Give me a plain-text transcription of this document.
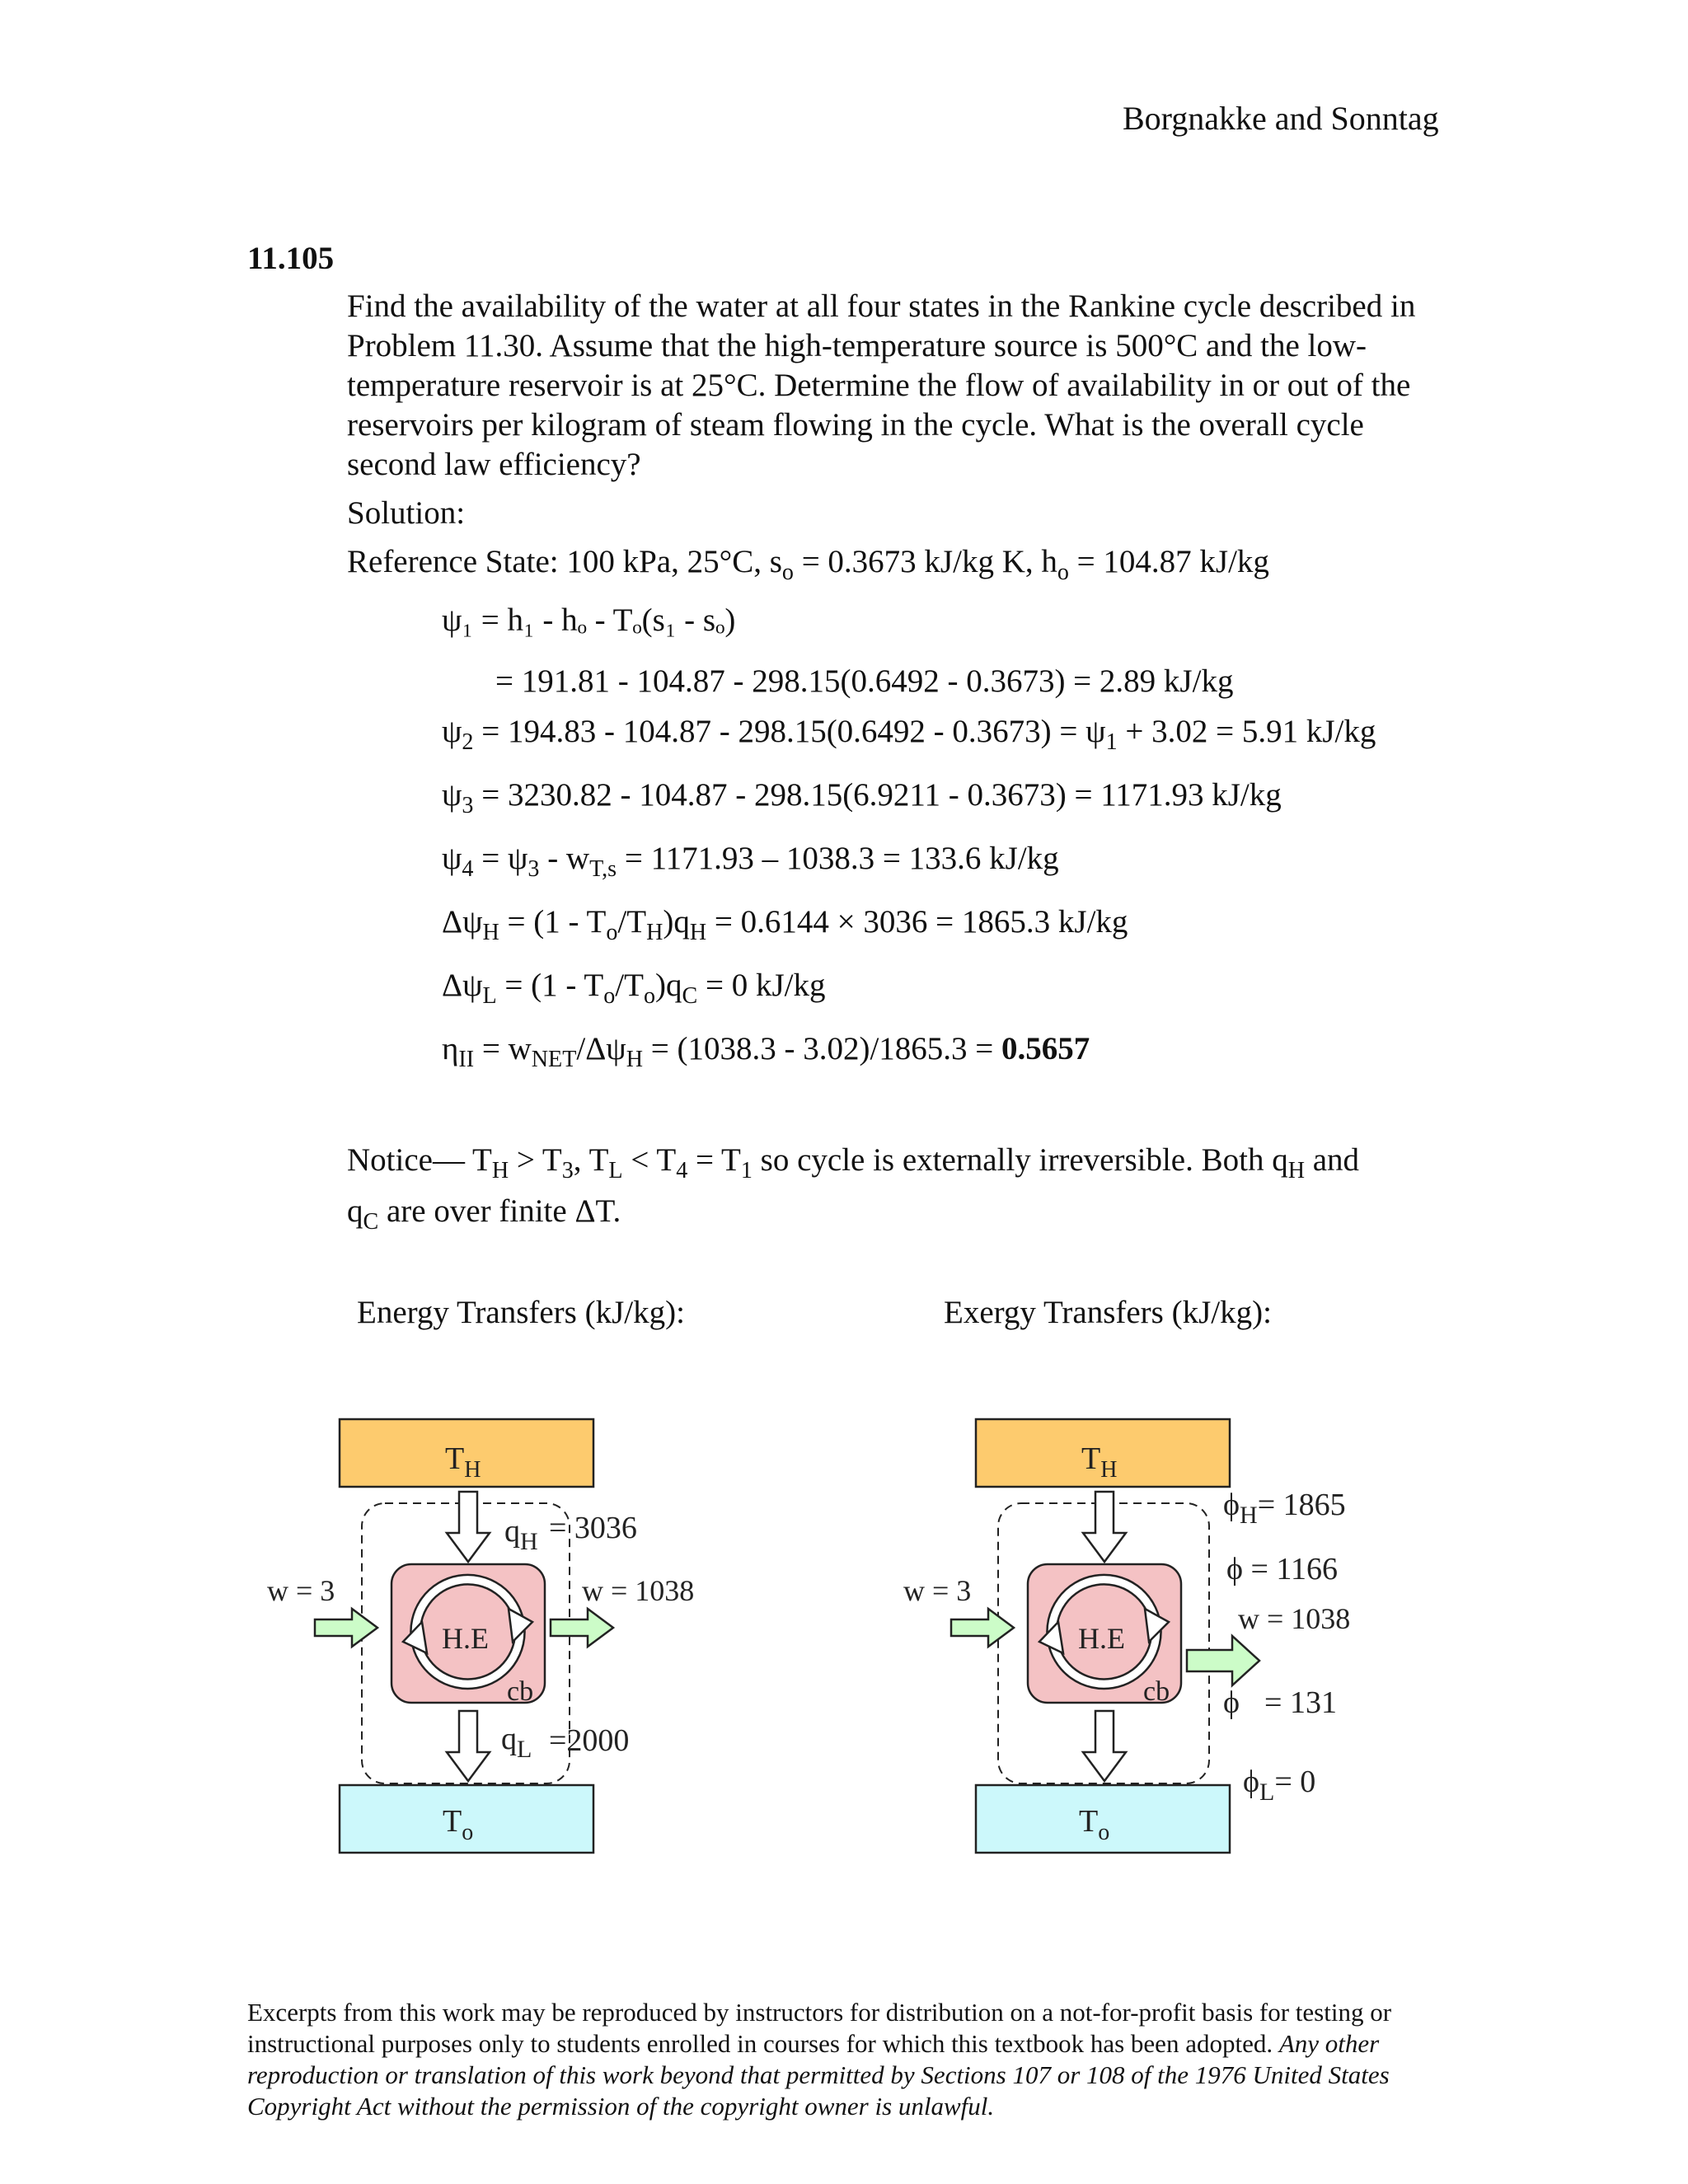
Borgnakke and Sonntag
11.105
Find the availability of the water at all four states in the Rankine cycle described in Problem 11.30. Assume that the high-temperature source is 500°C and the low-temperature reservoir is at 25°C. Determine the flow of availability in or out of the reservoirs per kilogram of steam flowing in the cycle. What is the overall cycle second law efficiency?
Solution:
Reference State: 100 kPa, 25°C, $s_o = 0.3673$ kJ/kg K, $h_o = 104.87$ kJ/kg
ψ₁ = h₁ - hₒ - Tₒ(s₁ - sₒ)
= 191.81 - 104.87 - 298.15(0.6492 - 0.3673) = 2.89 kJ/kg
$\psi_2 = 194.83 - 104.87 - 298.15(0.6492 - 0.3673) = \psi_1 + 3.02 = 5.91$ kJ/kg
$\psi_3 = 3230.82 - 104.87 - 298.15(6.9211 - 0.3673) = 1171.93$ kJ/kg
$\psi_4 = \psi_3 - w_{T,s} = 1171.93 - 1038.3 = 133.6$ kJ/kg
$\Delta\psi_H = (1 - T_o/T_H)q_H = 0.6144 \times 3036 = 1865.3$ kJ/kg
$\Delta\psi_L = (1 - T_o/T_o)q_C = 0$ kJ/kg
$\eta_{II} = w_{NET}/\Delta\psi_H = (1038.3 - 3.02)/1865.3 = 0.5657$
Notice— $T_H > T_3$, $T_L < T_4 = T_1$ so cycle is externally irreversible. Both $q_H$ and
$q_C$ are over finite ΔT.
Energy Transfers (kJ/kg):	Exergy Transfers (kJ/kg):
$T_H$
$T_o$
H.E
cb
w = 3	w = 1038
$q_H = 3036$
$q_L =2000$
$T_H$
$T_o$
H.E
cb
w = 3
w = 1038
$\phi_H= 1865$
ϕ = 1166
ϕ = 131
$\phi_L= 0$
Excerpts from this work may be reproduced by instructors for distribution on a not-for-profit basis for testing or instructional purposes only to students enrolled in courses for which this textbook has been adopted. Any other reproduction or translation of this work beyond that permitted by Sections 107 or 108 of the 1976 United States Copyright Act without the permission of the copyright owner is unlawful.
